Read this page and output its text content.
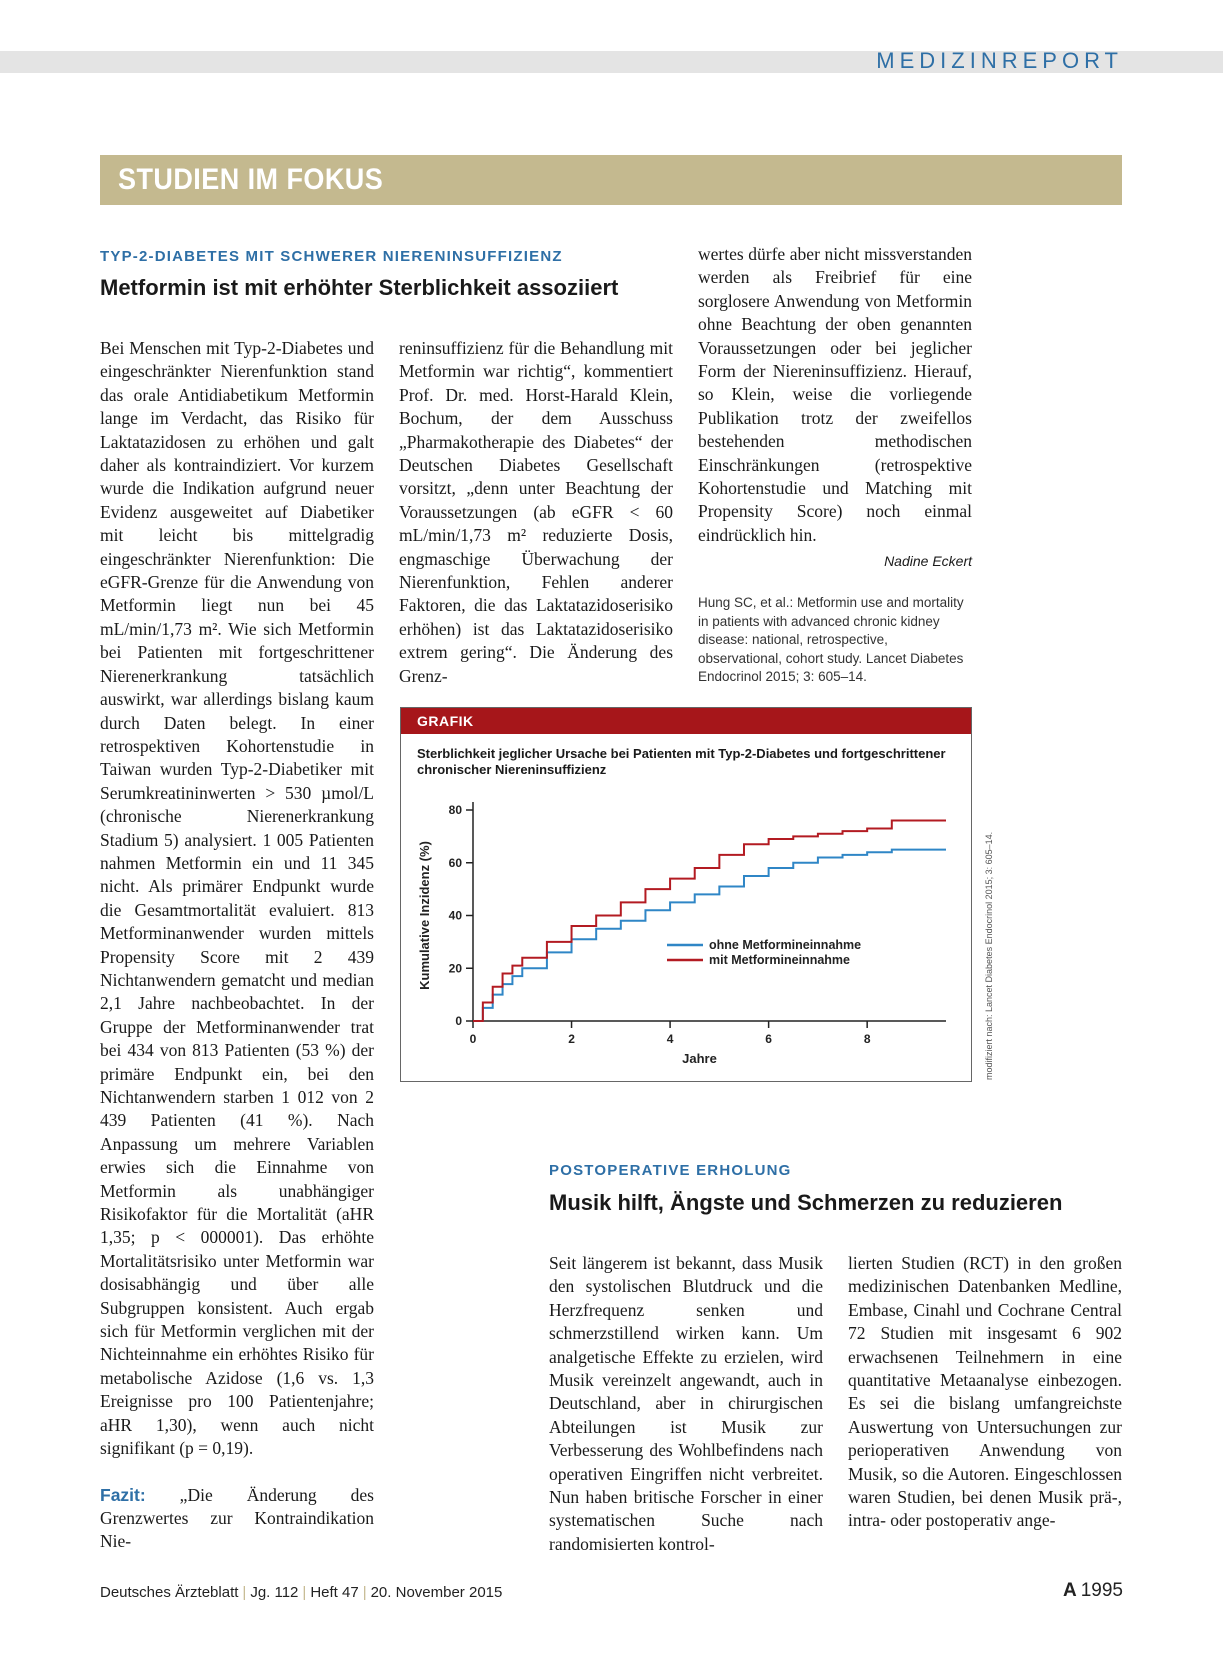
MEDIZINREPORT
STUDIEN IM FOKUS
TYP-2-DIABETES MIT SCHWERER NIERENINSUFFIZIENZ
Metformin ist mit erhöhter Sterblichkeit assoziiert

Bei Menschen mit Typ-2-Diabetes und eingeschränkter Nierenfunktion stand das orale Antidiabetikum Metformin lange im Verdacht, das Risiko für Laktatazidosen zu erhöhen und galt daher als kontraindiziert. Vor kurzem wurde die Indikation aufgrund neuer Evidenz ausgeweitet auf Diabetiker mit leicht bis mittelgradig eingeschränkter Nierenfunktion: Die eGFR-Grenze für die Anwendung von Metformin liegt nun bei 45 mL/min/1,73 m². Wie sich Metformin bei Patienten mit fortgeschrittener Nierenerkrankung tatsächlich auswirkt, war allerdings bislang kaum durch Daten belegt. In einer retrospektiven Kohortenstudie in Taiwan wurden Typ-2-Diabetiker mit Serumkreatininwerten > 530 µmol/L (chronische Nierenerkrankung Stadium 5) analysiert. 1 005 Patienten nahmen Metformin ein und 11 345 nicht. Als primärer Endpunkt wurde die Gesamtmortalität evaluiert. 813 Metforminanwender wurden mittels Propensity Score mit 2 439 Nichtanwendern gematcht und median 2,1 Jahre nachbeobachtet. In der Gruppe der Metforminanwender trat bei 434 von 813 Patienten (53 %) der primäre Endpunkt ein, bei den Nichtanwendern starben 1 012 von 2 439 Patienten (41 %). Nach Anpassung um mehrere Variablen erwies sich die Einnahme von Metformin als unabhängiger Risikofaktor für die Mortalität (aHR 1,35; p < 000001). Das erhöhte Mortalitätsrisiko unter Metformin war dosisabhängig und über alle Subgruppen konsistent. Auch ergab sich für Metformin verglichen mit der Nichteinnahme ein erhöhtes Risiko für metabolische Azidose (1,6 vs. 1,3 Ereignisse pro 100 Patientenjahre; aHR 1,30), wenn auch nicht signifikant (p = 0,19).

Fazit: „Die Änderung des Grenzwertes zur Kontraindikation Nie-

reninsuffizienz für die Behandlung mit Metformin war richtig“, kommentiert Prof. Dr. med. Horst-Harald Klein, Bochum, der dem Ausschuss „Pharmakotherapie des Diabetes“ der Deutschen Diabetes Gesellschaft vorsitzt, „denn unter Beachtung der Voraussetzungen (ab eGFR < 60 mL/min/1,73 m² reduzierte Dosis, engmaschige Überwachung der Nierenfunktion, Fehlen anderer Faktoren, die das Laktatazidoserisiko erhöhen) ist das Laktatazidoserisiko extrem gering“. Die Änderung des Grenz-

wertes dürfe aber nicht missverstanden werden als Freibrief für eine sorglosere Anwendung von Metformin ohne Beachtung der oben genannten Voraussetzungen oder bei jeglicher Form der Niereninsuffizienz. Hierauf, so Klein, weise die vorliegende Publikation trotz der zweifellos bestehenden methodischen Einschränkungen (retrospektive Kohortenstudie und Matching mit Propensity Score) noch einmal eindrücklich hin.

Nadine Eckert
Hung SC, et al.: Metformin use and mortality in patients with advanced chronic kidney disease: national, retrospective, observational, cohort study. Lancet Diabetes Endocrinol 2015; 3: 605–14.
GRAFIK
Sterblichkeit jeglicher Ursache bei Patienten mit Typ-2-Diabetes und fortgeschrittener chronischer Niereninsuffizienz
0
20
40
60
80
0	2	4	6	8
Jahre
Kumulative Inzidenz (%)	ohne Metformineinnahme
mit Metformineinnahme	modifiziert nach: Lancet Diabetes Endocrinol 2015; 3: 605–14.
POSTOPERATIVE ERHOLUNG
Musik hilft, Ängste und Schmerzen zu reduzieren

Seit längerem ist bekannt, dass Musik den systolischen Blutdruck und die Herzfrequenz senken und schmerzstillend wirken kann. Um analgetische Effekte zu erzielen, wird Musik vereinzelt angewandt, auch in Deutschland, aber in chirurgischen Abteilungen ist Musik zur Verbesserung des Wohlbefindens nach operativen Eingriffen nicht verbreitet. Nun haben britische Forscher in einer systematischen Suche nach randomisierten kontrol-

lierten Studien (RCT) in den großen medizinischen Datenbanken Medline, Embase, Cinahl und Cochrane Central 72 Studien mit insgesamt 6 902 erwachsenen Teilnehmern in eine quantitative Metaanalyse einbezogen. Es sei die bislang umfangreichste Auswertung von Untersuchungen zur perioperativen Anwendung von Musik, so die Autoren. Eingeschlossen waren Studien, bei denen Musik prä-, intra- oder postoperativ ange-

Deutsches Ärzteblatt | Jg. 112 | Heft 47 | 20. November 2015	A 1995
